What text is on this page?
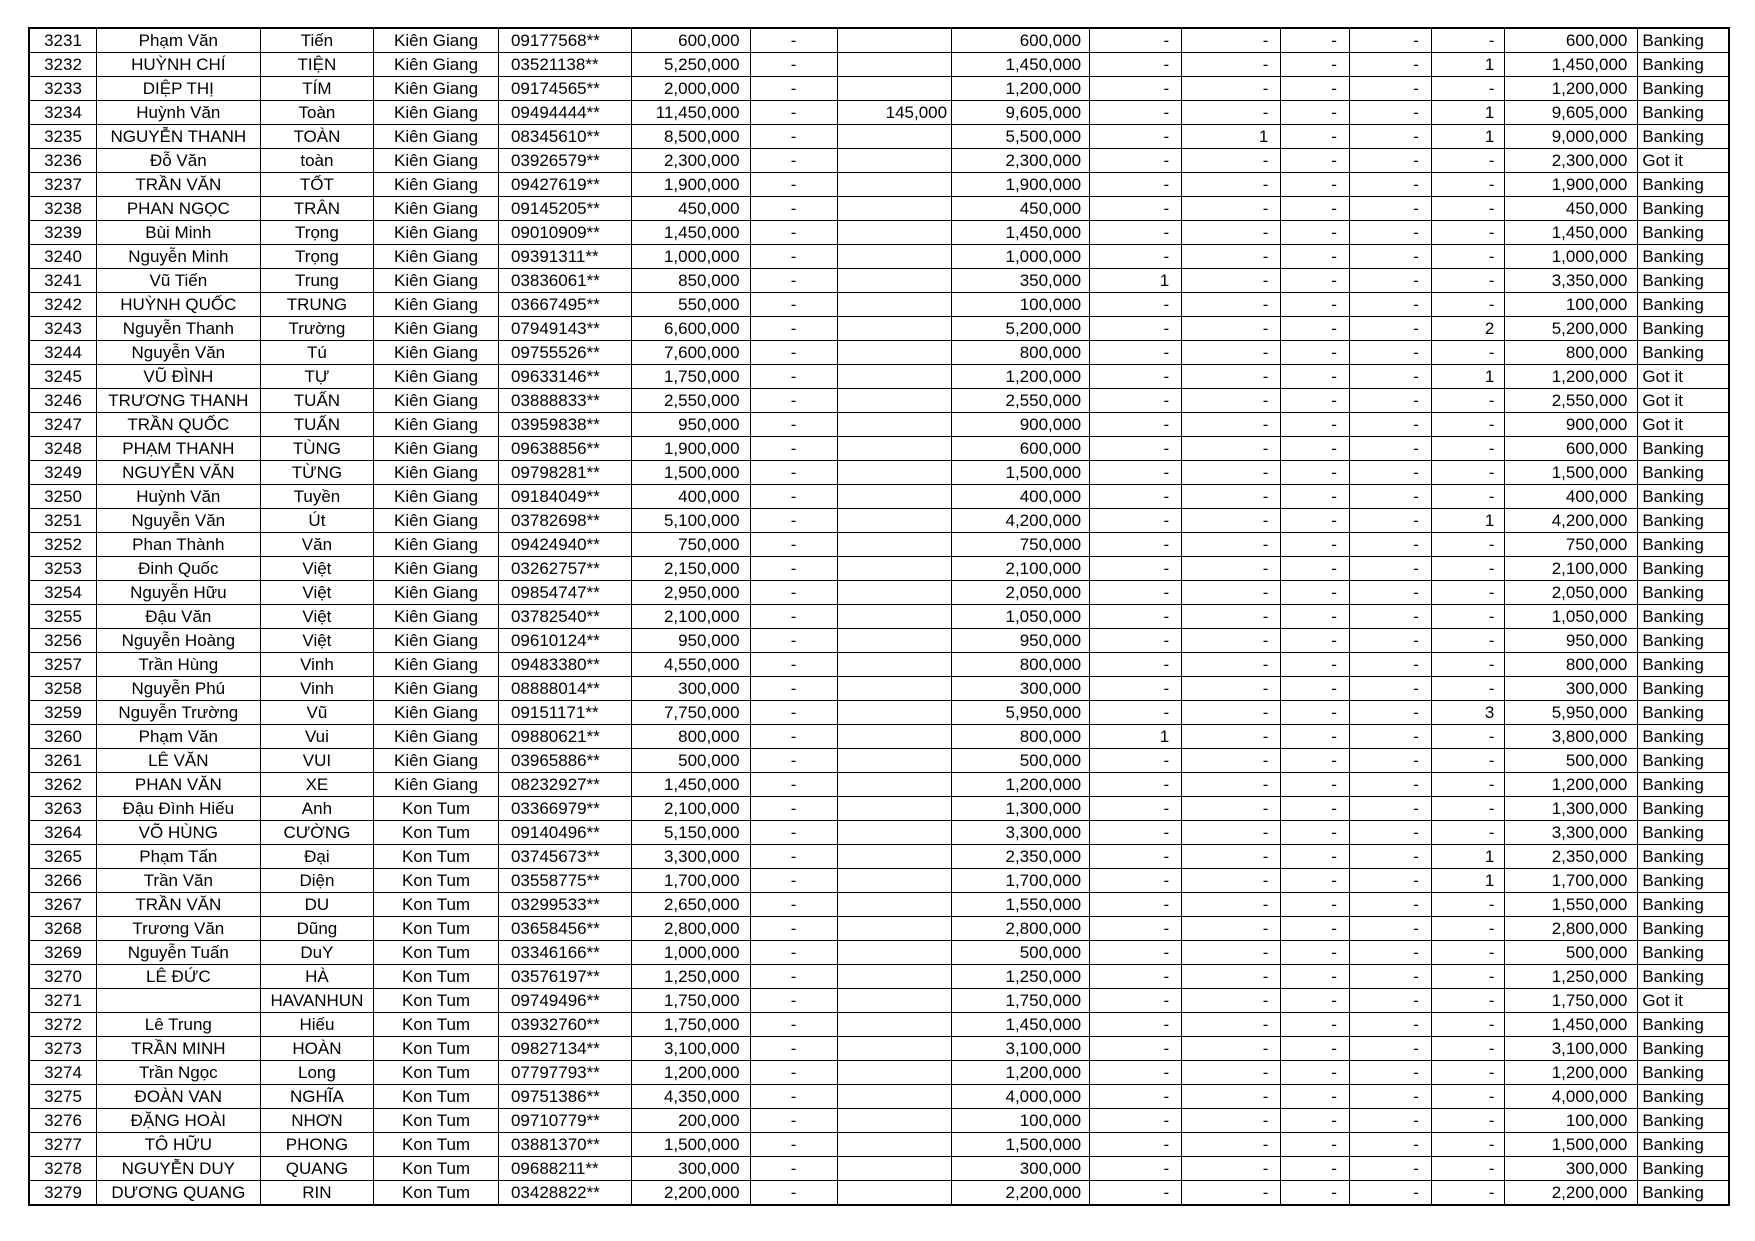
3231	Phạm Văn	Tiến	Kiên Giang	09177568**	600,000	-		600,000	-	-	-	-	-	600,000	Banking
3232	HUỲNH CHÍ	TIỆN	Kiên Giang	03521138**	5,250,000	-		1,450,000	-	-	-	-	1	1,450,000	Banking
3233	DIỆP THỊ	TÍM	Kiên Giang	09174565**	2,000,000	-		1,200,000	-	-	-	-	-	1,200,000	Banking
3234	Huỳnh Văn	Toàn	Kiên Giang	09494444**	11,450,000	-	145,000	9,605,000	-	-	-	-	1	9,605,000	Banking
3235	NGUYỄN THANH	TOÀN	Kiên Giang	08345610**	8,500,000	-		5,500,000	-	1	-	-	1	9,000,000	Banking
3236	Đỗ Văn	toàn	Kiên Giang	03926579**	2,300,000	-		2,300,000	-	-	-	-	-	2,300,000	Got it
3237	TRẦN VĂN	TỐT	Kiên Giang	09427619**	1,900,000	-		1,900,000	-	-	-	-	-	1,900,000	Banking
3238	PHAN NGỌC	TRÂN	Kiên Giang	09145205**	450,000	-		450,000	-	-	-	-	-	450,000	Banking
3239	Bùi Minh	Trọng	Kiên Giang	09010909**	1,450,000	-		1,450,000	-	-	-	-	-	1,450,000	Banking
3240	Nguyễn Minh	Trọng	Kiên Giang	09391311**	1,000,000	-		1,000,000	-	-	-	-	-	1,000,000	Banking
3241	Vũ Tiến	Trung	Kiên Giang	03836061**	850,000	-		350,000	1	-	-	-	-	3,350,000	Banking
3242	HUỲNH QUỐC	TRUNG	Kiên Giang	03667495**	550,000	-		100,000	-	-	-	-	-	100,000	Banking
3243	Nguyễn Thanh	Trường	Kiên Giang	07949143**	6,600,000	-		5,200,000	-	-	-	-	2	5,200,000	Banking
3244	Nguyễn Văn	Tú	Kiên Giang	09755526**	7,600,000	-		800,000	-	-	-	-	-	800,000	Banking
3245	VŨ ĐÌNH	TỰ	Kiên Giang	09633146**	1,750,000	-		1,200,000	-	-	-	-	1	1,200,000	Got it
3246	TRƯƠNG THANH	TUẤN	Kiên Giang	03888833**	2,550,000	-		2,550,000	-	-	-	-	-	2,550,000	Got it
3247	TRẦN QUỐC	TUẤN	Kiên Giang	03959838**	950,000	-		900,000	-	-	-	-	-	900,000	Got it
3248	PHẠM THANH	TÙNG	Kiên Giang	09638856**	1,900,000	-		600,000	-	-	-	-	-	600,000	Banking
3249	NGUYỄN VĂN	TỪNG	Kiên Giang	09798281**	1,500,000	-		1,500,000	-	-	-	-	-	1,500,000	Banking
3250	Huỳnh Văn	Tuyền	Kiên Giang	09184049**	400,000	-		400,000	-	-	-	-	-	400,000	Banking
3251	Nguyễn Văn	Út	Kiên Giang	03782698**	5,100,000	-		4,200,000	-	-	-	-	1	4,200,000	Banking
3252	Phan Thành	Văn	Kiên Giang	09424940**	750,000	-		750,000	-	-	-	-	-	750,000	Banking
3253	Đinh Quốc	Việt	Kiên Giang	03262757**	2,150,000	-		2,100,000	-	-	-	-	-	2,100,000	Banking
3254	Nguyễn Hữu	Việt	Kiên Giang	09854747**	2,950,000	-		2,050,000	-	-	-	-	-	2,050,000	Banking
3255	Đậu Văn	Việt	Kiên Giang	03782540**	2,100,000	-		1,050,000	-	-	-	-	-	1,050,000	Banking
3256	Nguyễn Hoàng	Việt	Kiên Giang	09610124**	950,000	-		950,000	-	-	-	-	-	950,000	Banking
3257	Trần Hùng	Vinh	Kiên Giang	09483380**	4,550,000	-		800,000	-	-	-	-	-	800,000	Banking
3258	Nguyễn Phú	Vinh	Kiên Giang	08888014**	300,000	-		300,000	-	-	-	-	-	300,000	Banking
3259	Nguyễn Trường	Vũ	Kiên Giang	09151171**	7,750,000	-		5,950,000	-	-	-	-	3	5,950,000	Banking
3260	Phạm Văn	Vui	Kiên Giang	09880621**	800,000	-		800,000	1	-	-	-	-	3,800,000	Banking
3261	LÊ VĂN	VUI	Kiên Giang	03965886**	500,000	-		500,000	-	-	-	-	-	500,000	Banking
3262	PHAN VĂN	XE	Kiên Giang	08232927**	1,450,000	-		1,200,000	-	-	-	-	-	1,200,000	Banking
3263	Đậu Đình Hiếu	Anh	Kon Tum	03366979**	2,100,000	-		1,300,000	-	-	-	-	-	1,300,000	Banking
3264	VÕ HÙNG	CƯỜNG	Kon Tum	09140496**	5,150,000	-		3,300,000	-	-	-	-	-	3,300,000	Banking
3265	Phạm Tấn	Đại	Kon Tum	03745673**	3,300,000	-		2,350,000	-	-	-	-	1	2,350,000	Banking
3266	Trần Văn	Diện	Kon Tum	03558775**	1,700,000	-		1,700,000	-	-	-	-	1	1,700,000	Banking
3267	TRẦN VĂN	DU	Kon Tum	03299533**	2,650,000	-		1,550,000	-	-	-	-	-	1,550,000	Banking
3268	Trương Văn	Dũng	Kon Tum	03658456**	2,800,000	-		2,800,000	-	-	-	-	-	2,800,000	Banking
3269	Nguyễn Tuấn	DuY	Kon Tum	03346166**	1,000,000	-		500,000	-	-	-	-	-	500,000	Banking
3270	LÊ ĐỨC	HÀ	Kon Tum	03576197**	1,250,000	-		1,250,000	-	-	-	-	-	1,250,000	Banking
3271		HAVANHUN	Kon Tum	09749496**	1,750,000	-		1,750,000	-	-	-	-	-	1,750,000	Got it
3272	Lê Trung	Hiếu	Kon Tum	03932760**	1,750,000	-		1,450,000	-	-	-	-	-	1,450,000	Banking
3273	TRẦN MINH	HOÀN	Kon Tum	09827134**	3,100,000	-		3,100,000	-	-	-	-	-	3,100,000	Banking
3274	Trần Ngọc	Long	Kon Tum	07797793**	1,200,000	-		1,200,000	-	-	-	-	-	1,200,000	Banking
3275	ĐOÀN VAN	NGHĨA	Kon Tum	09751386**	4,350,000	-		4,000,000	-	-	-	-	-	4,000,000	Banking
3276	ĐẶNG HOÀI	NHƠN	Kon Tum	09710779**	200,000	-		100,000	-	-	-	-	-	100,000	Banking
3277	TÔ HỮU	PHONG	Kon Tum	03881370**	1,500,000	-		1,500,000	-	-	-	-	-	1,500,000	Banking
3278	NGUYỄN DUY	QUANG	Kon Tum	09688211**	300,000	-		300,000	-	-	-	-	-	300,000	Banking
3279	DƯƠNG QUANG	RIN	Kon Tum	03428822**	2,200,000	-		2,200,000	-	-	-	-	-	2,200,000	Banking
